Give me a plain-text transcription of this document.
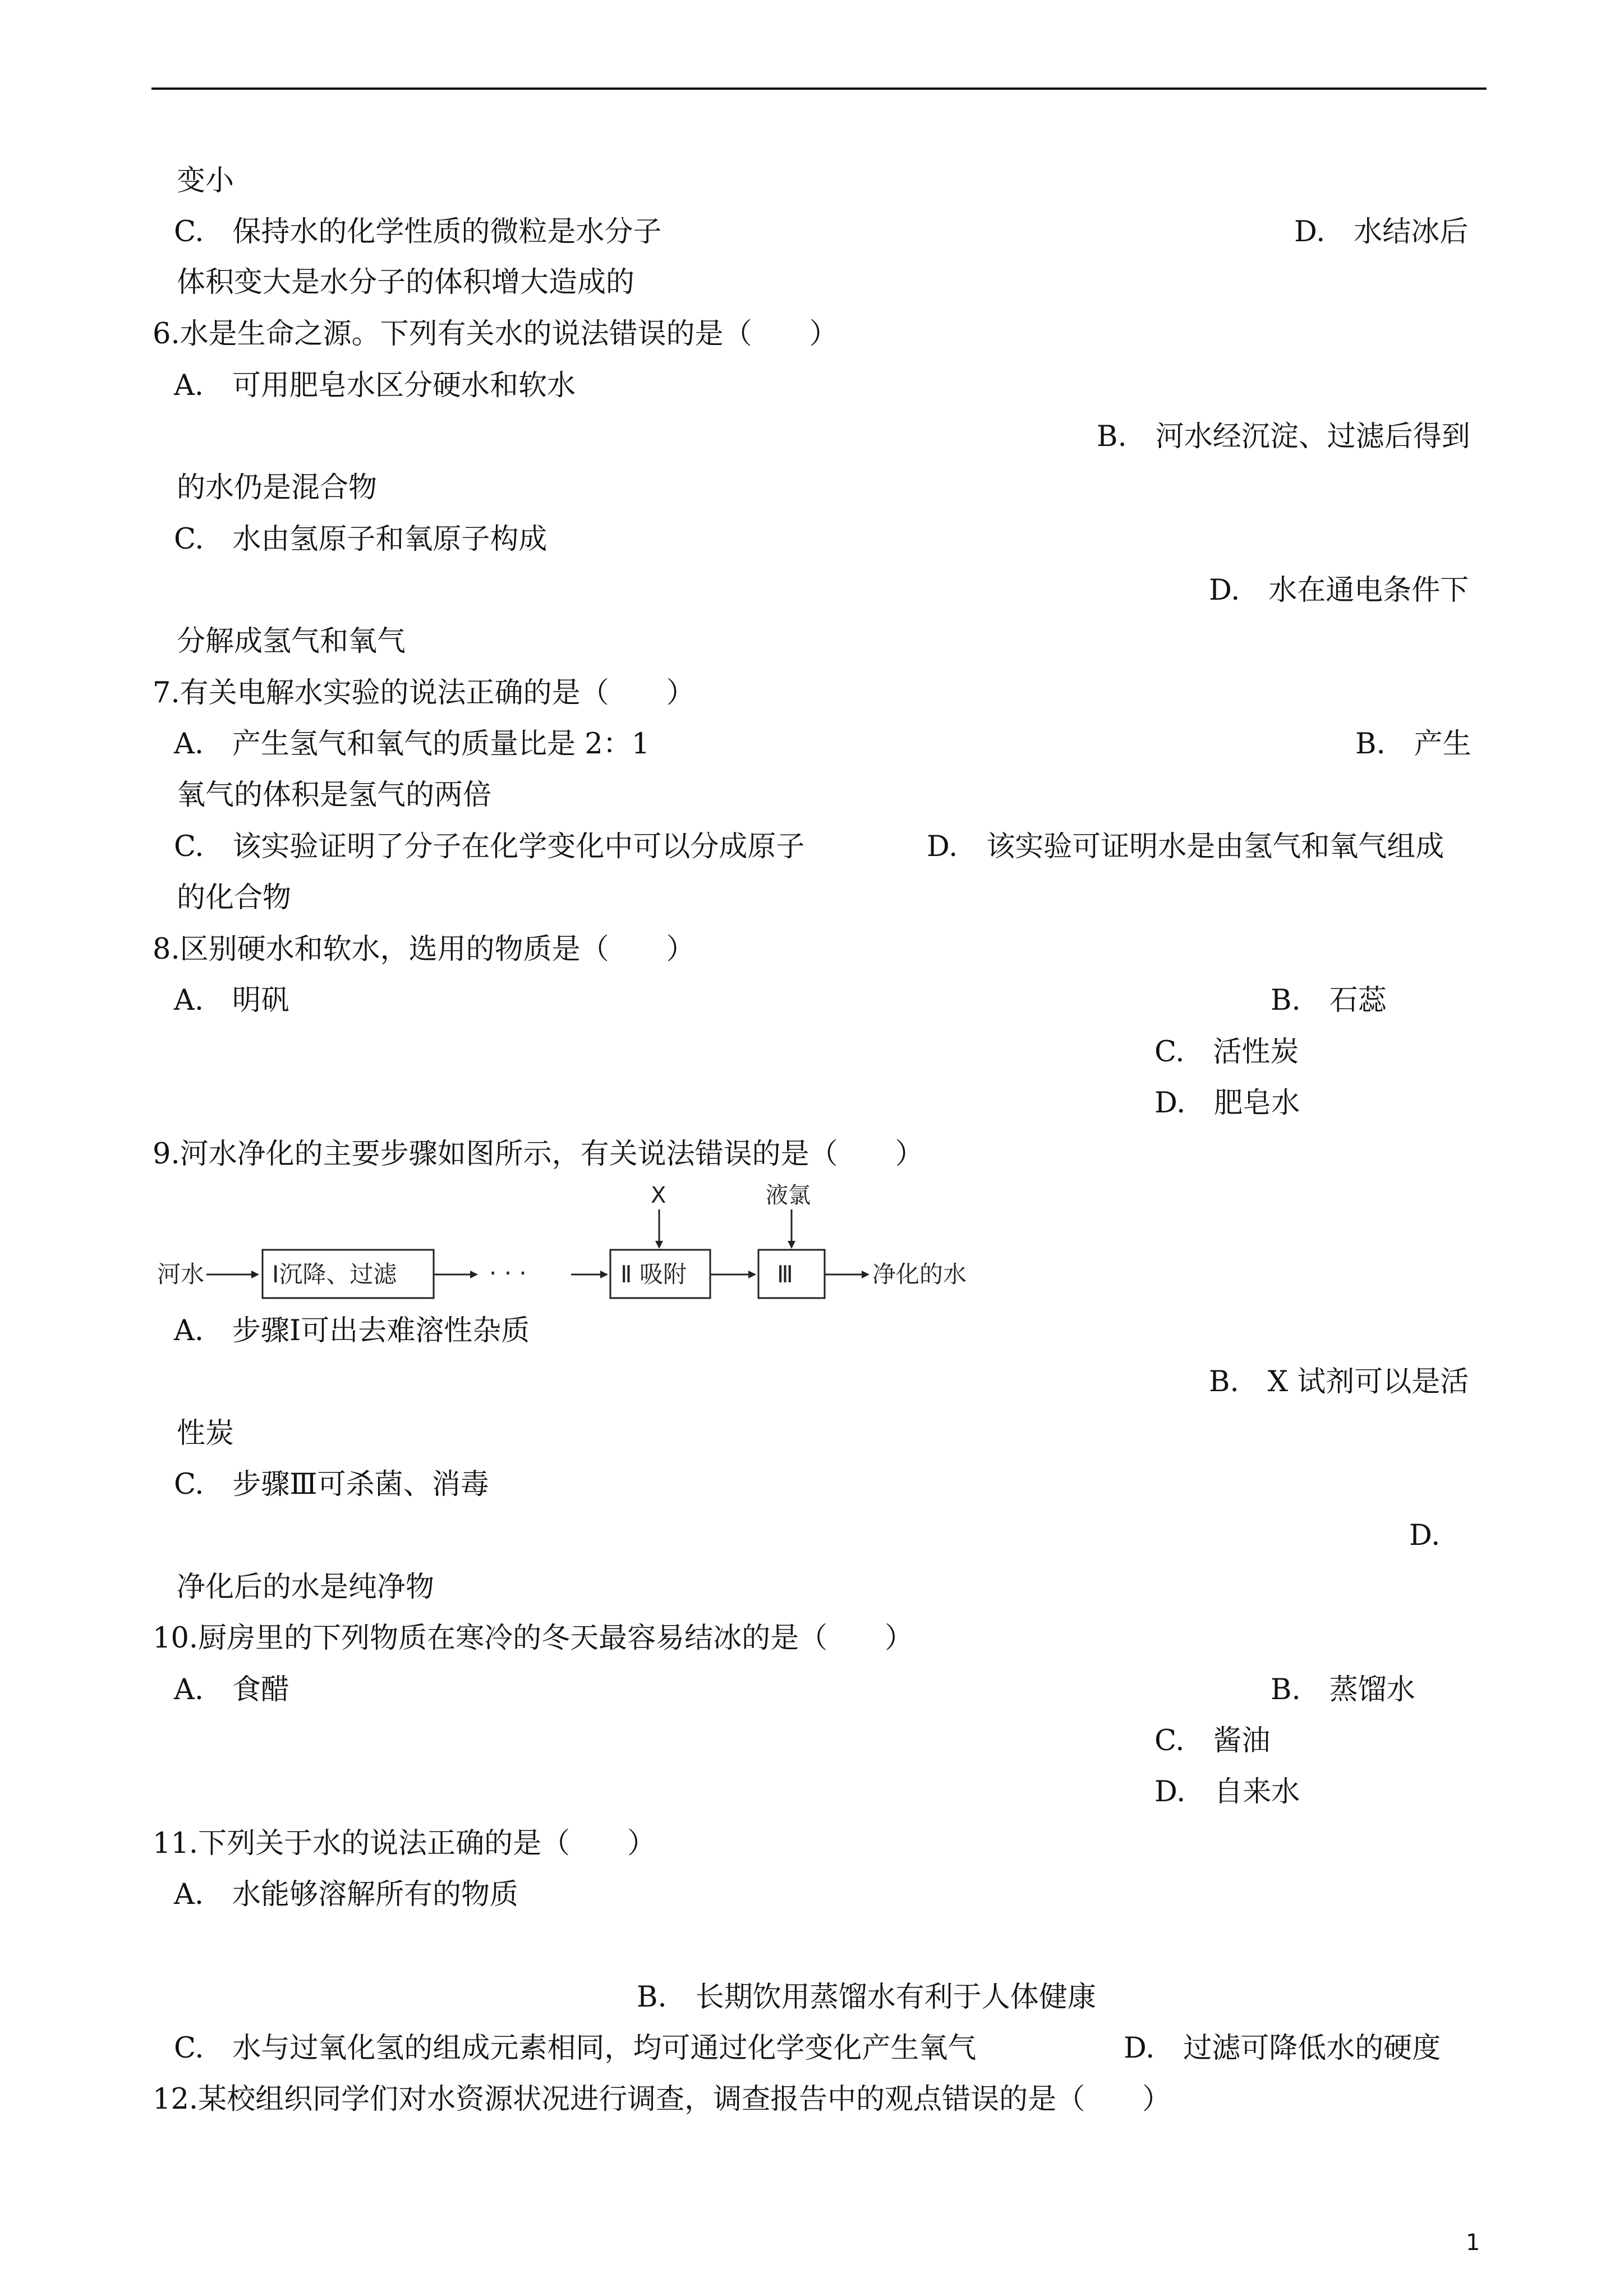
变小
C.　保持水的化学性质的微粒是水分子	D.　水结冰后
体积变大是水分子的体积增大造成的
6.水是生命之源。下列有关水的说法错误的是（　　）
A.　可用肥皂水区分硬水和软水
B.　河水经沉淀、过滤后得到
的水仍是混合物
C.　水由氢原子和氧原子构成
D.　水在通电条件下
分解成氢气和氧气
7.有关电解水实验的说法正确的是（　　）
A.　产生氢气和氧气的质量比是 2：1	B.　产生
氧气的体积是氢气的两倍
C.　该实验证明了分子在化学变化中可以分成原子	D.　该实验可证明水是由氢气和氧气组成
的化合物
8.区别硬水和软水，选用的物质是（　　）
A.　明矾	B.　石蕊
C.　活性炭
D.　肥皂水
9.河水净化的主要步骤如图所示，有关说法错误的是（　　）
河水	Ⅰ沉降、过滤	· · ·	Ⅱ 吸附
X
Ⅲ
液氯
净化的水
A.　步骤Ⅰ可出去难溶性杂质
B.　X 试剂可以是活
性炭
C.　步骤Ⅲ可杀菌、消毒
D.
净化后的水是纯净物
10.厨房里的下列物质在寒冷的冬天最容易结冰的是（　　）
A.　食醋	B.　蒸馏水
C.　酱油
D.　自来水
11.下列关于水的说法正确的是（　　）
A.　水能够溶解所有的物质
B.　长期饮用蒸馏水有利于人体健康
C.　水与过氧化氢的组成元素相同，均可通过化学变化产生氧气	D.　过滤可降低水的硬度
12.某校组织同学们对水资源状况进行调查，调查报告中的观点错误的是（　　）
1
